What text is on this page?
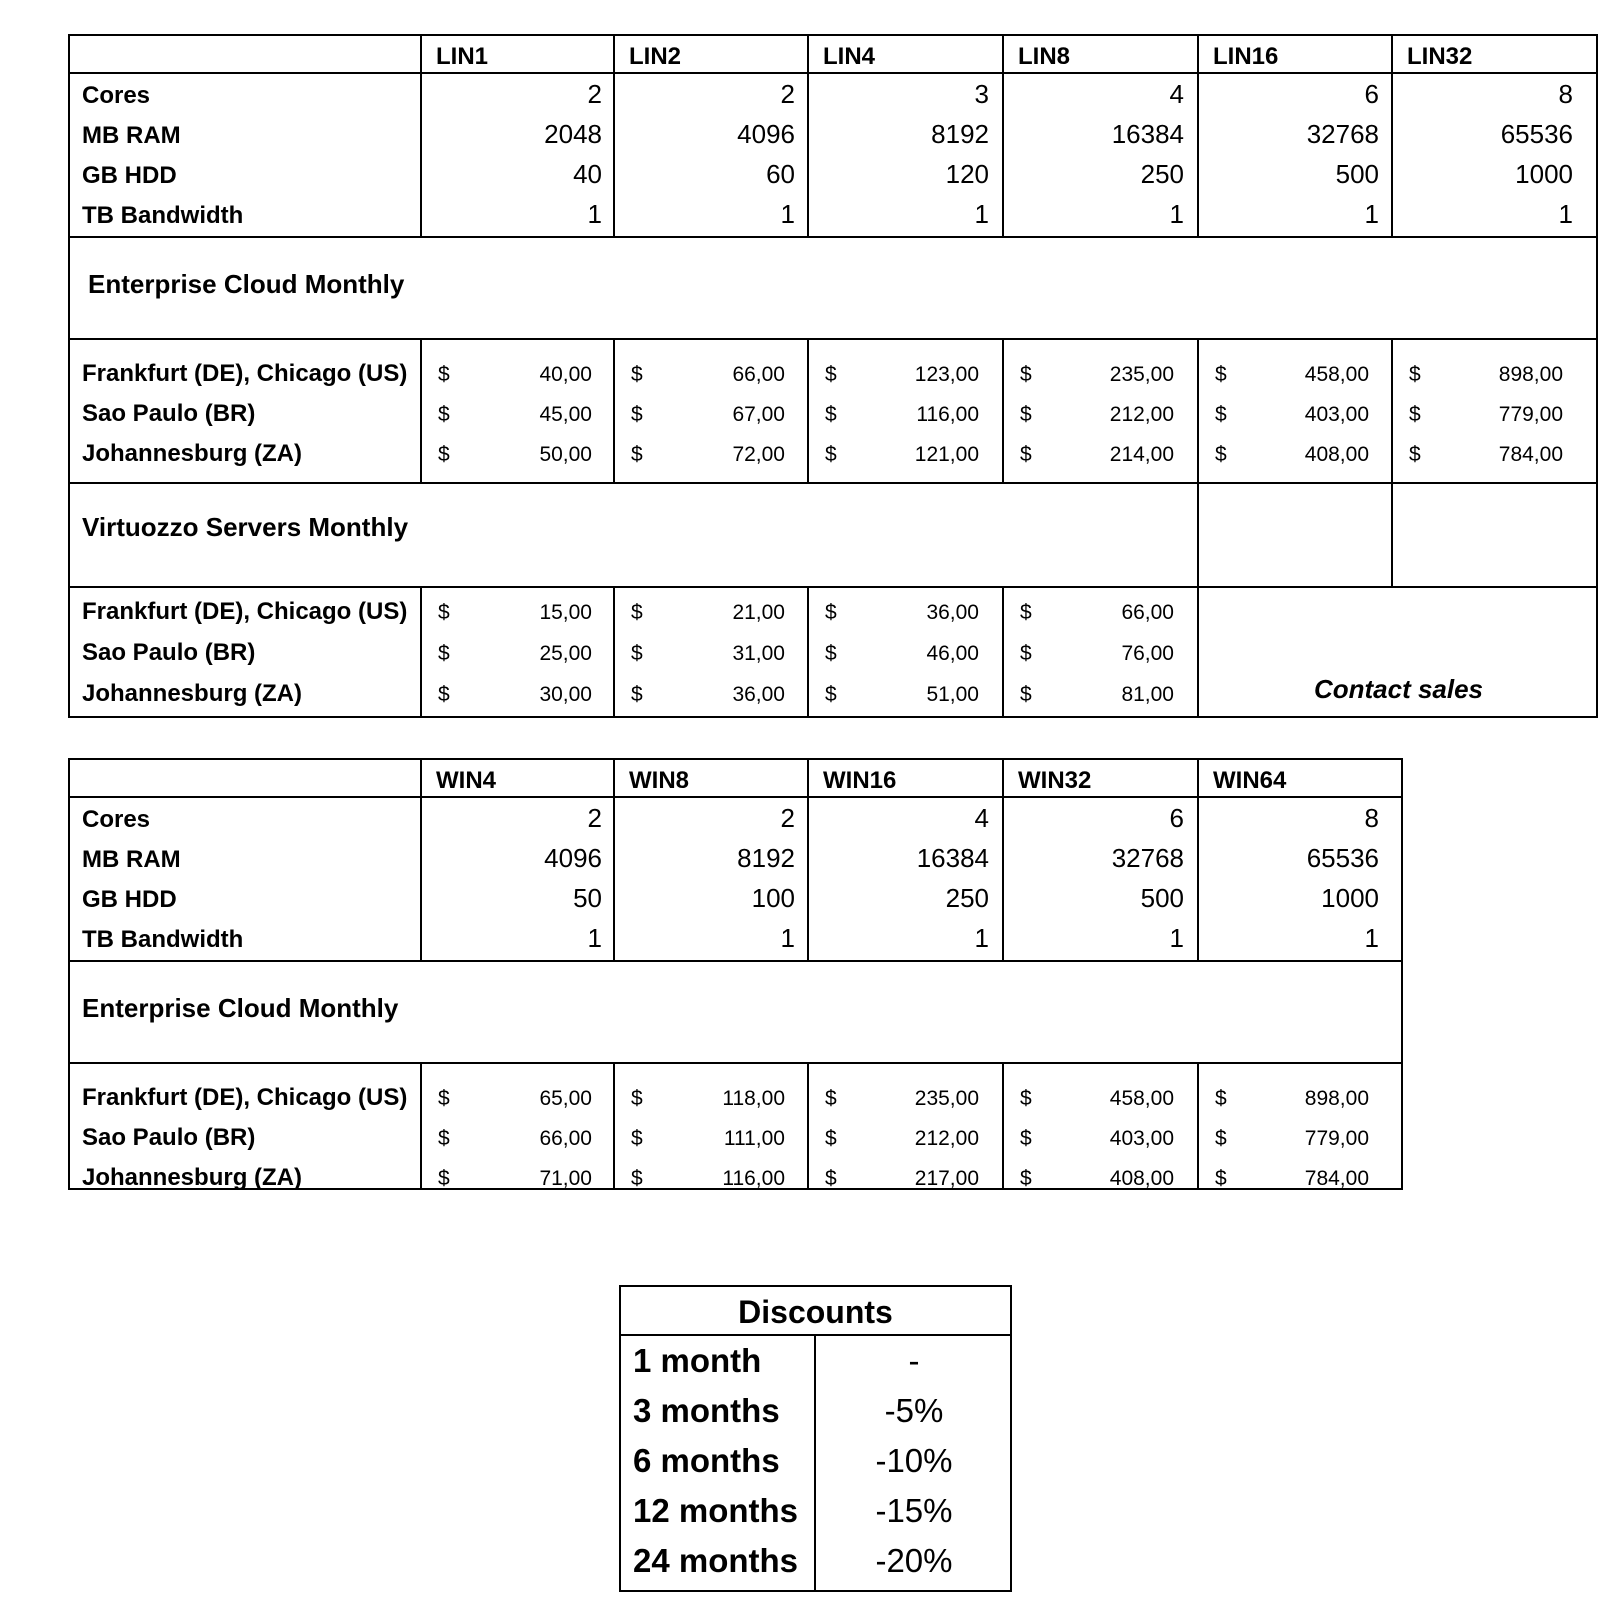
LIN1	LIN2	LIN4	LIN8	LIN16	LIN32
Cores	2	2	3	4	6	8
MB RAM	2048	4096	8192	16384	32768	65536
GB HDD	40	60	120	250	500	1000
TB Bandwidth	1	1	1	1	1	1
Enterprise Cloud Monthly
Frankfurt (DE), Chicago (US) $	40,00 $	66,00 $	123,00 $	235,00 $	458,00 $	898,00
Sao Paulo (BR)	$	45,00 $	67,00 $	116,00 $	212,00 $	403,00 $	779,00
Johannesburg (ZA)	$	50,00 $	72,00 $	121,00 $	214,00 $	408,00 $	784,00
Virtuozzo Servers Monthly
Frankfurt (DE), Chicago (US) $	15,00 $	21,00 $	36,00 $	66,00
Sao Paulo (BR)	$	25,00 $	31,00 $	46,00 $	76,00
Johannesburg (ZA)	$	30,00 $	36,00 $	51,00 $	81,00	Contact sales
WIN4	WIN8	WIN16	WIN32	WIN64
Cores	2	2	4	6	8
MB RAM	4096	8192	16384	32768	65536
GB HDD	50	100	250	500	1000
TB Bandwidth	1	1	1	1	1
Enterprise Cloud Monthly
Frankfurt (DE), Chicago (US) $	65,00 $	118,00 $	235,00 $	458,00 $	898,00
Sao Paulo (BR)	$	66,00 $	111,00 $	212,00 $	403,00 $	779,00
Johannesburg (ZA)	$	71,00 $	116,00 $	217,00 $	408,00 $	784,00
Discounts
1 month	-
3 months	-5%
6 months	-10%
12 months	-15%
24 months	-20%
